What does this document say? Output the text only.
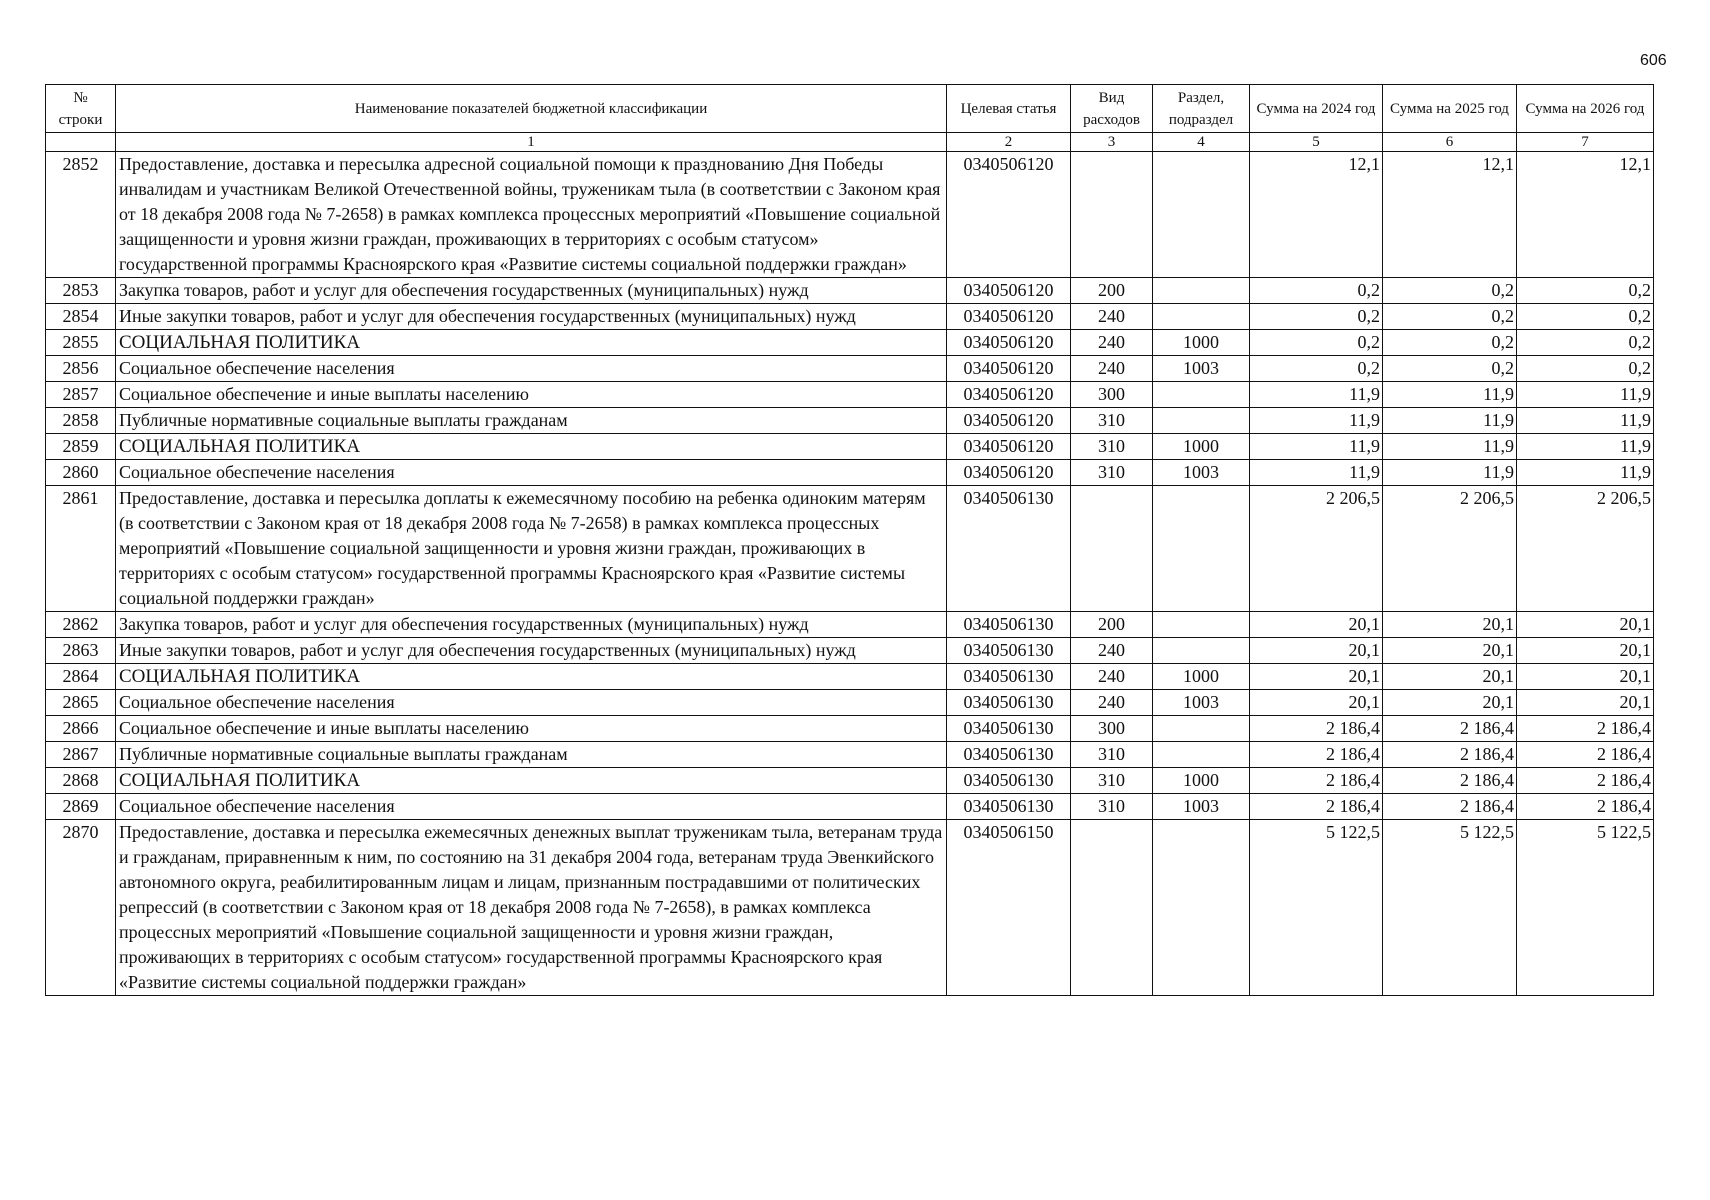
606
№ строки	Наименование показателей бюджетной классификации	Целевая статья	Вид расходов	Раздел, подраздел	Сумма на 2024 год	Сумма на 2025 год	Сумма на 2026 год
	1	2	3	4	5	6	7
2852	Предоставление, доставка и пересылка адресной социальной помощи к празднованию Дня Победы инвалидам и участникам Великой Отечественной войны, труженикам тыла (в соответствии с Законом края от 18 декабря 2008 года № 7-2658) в рамках комплекса процессных мероприятий «Повышение социальной защищенности и уровня жизни граждан, проживающих в территориях с особым статусом» государственной программы Красноярского края «Развитие системы социальной поддержки граждан»	0340506120			12,1	12,1	12,1
2853	Закупка товаров, работ и услуг для обеспечения государственных (муниципальных) нужд	0340506120	200		0,2	0,2	0,2
2854	Иные закупки товаров, работ и услуг для обеспечения государственных (муниципальных) нужд	0340506120	240		0,2	0,2	0,2
2855	СОЦИАЛЬНАЯ ПОЛИТИКА	0340506120	240	1000	0,2	0,2	0,2
2856	Социальное обеспечение населения	0340506120	240	1003	0,2	0,2	0,2
2857	Социальное обеспечение и иные выплаты населению	0340506120	300		11,9	11,9	11,9
2858	Публичные нормативные социальные выплаты гражданам	0340506120	310		11,9	11,9	11,9
2859	СОЦИАЛЬНАЯ ПОЛИТИКА	0340506120	310	1000	11,9	11,9	11,9
2860	Социальное обеспечение населения	0340506120	310	1003	11,9	11,9	11,9
2861	Предоставление, доставка и пересылка доплаты к ежемесячному пособию на ребенка одиноким матерям (в соответствии с Законом края от 18 декабря 2008 года № 7-2658) в рамках комплекса процессных мероприятий «Повышение социальной защищенности и уровня жизни граждан, проживающих в территориях с особым статусом» государственной программы Красноярского края «Развитие системы социальной поддержки граждан»	0340506130			2 206,5	2 206,5	2 206,5
2862	Закупка товаров, работ и услуг для обеспечения государственных (муниципальных) нужд	0340506130	200		20,1	20,1	20,1
2863	Иные закупки товаров, работ и услуг для обеспечения государственных (муниципальных) нужд	0340506130	240		20,1	20,1	20,1
2864	СОЦИАЛЬНАЯ ПОЛИТИКА	0340506130	240	1000	20,1	20,1	20,1
2865	Социальное обеспечение населения	0340506130	240	1003	20,1	20,1	20,1
2866	Социальное обеспечение и иные выплаты населению	0340506130	300		2 186,4	2 186,4	2 186,4
2867	Публичные нормативные социальные выплаты гражданам	0340506130	310		2 186,4	2 186,4	2 186,4
2868	СОЦИАЛЬНАЯ ПОЛИТИКА	0340506130	310	1000	2 186,4	2 186,4	2 186,4
2869	Социальное обеспечение населения	0340506130	310	1003	2 186,4	2 186,4	2 186,4
2870	Предоставление, доставка и пересылка ежемесячных денежных выплат труженикам тыла, ветеранам труда и гражданам, приравненным к ним, по состоянию на 31 декабря 2004 года, ветеранам труда Эвенкийского автономного округа, реабилитированным лицам и лицам, признанным пострадавшими от политических репрессий (в соответствии с Законом края от 18 декабря 2008 года № 7-2658), в рамках комплекса процессных мероприятий «Повышение социальной защищенности и уровня жизни граждан, проживающих в территориях с особым статусом» государственной программы Красноярского края «Развитие системы социальной поддержки граждан»	0340506150			5 122,5	5 122,5	5 122,5
